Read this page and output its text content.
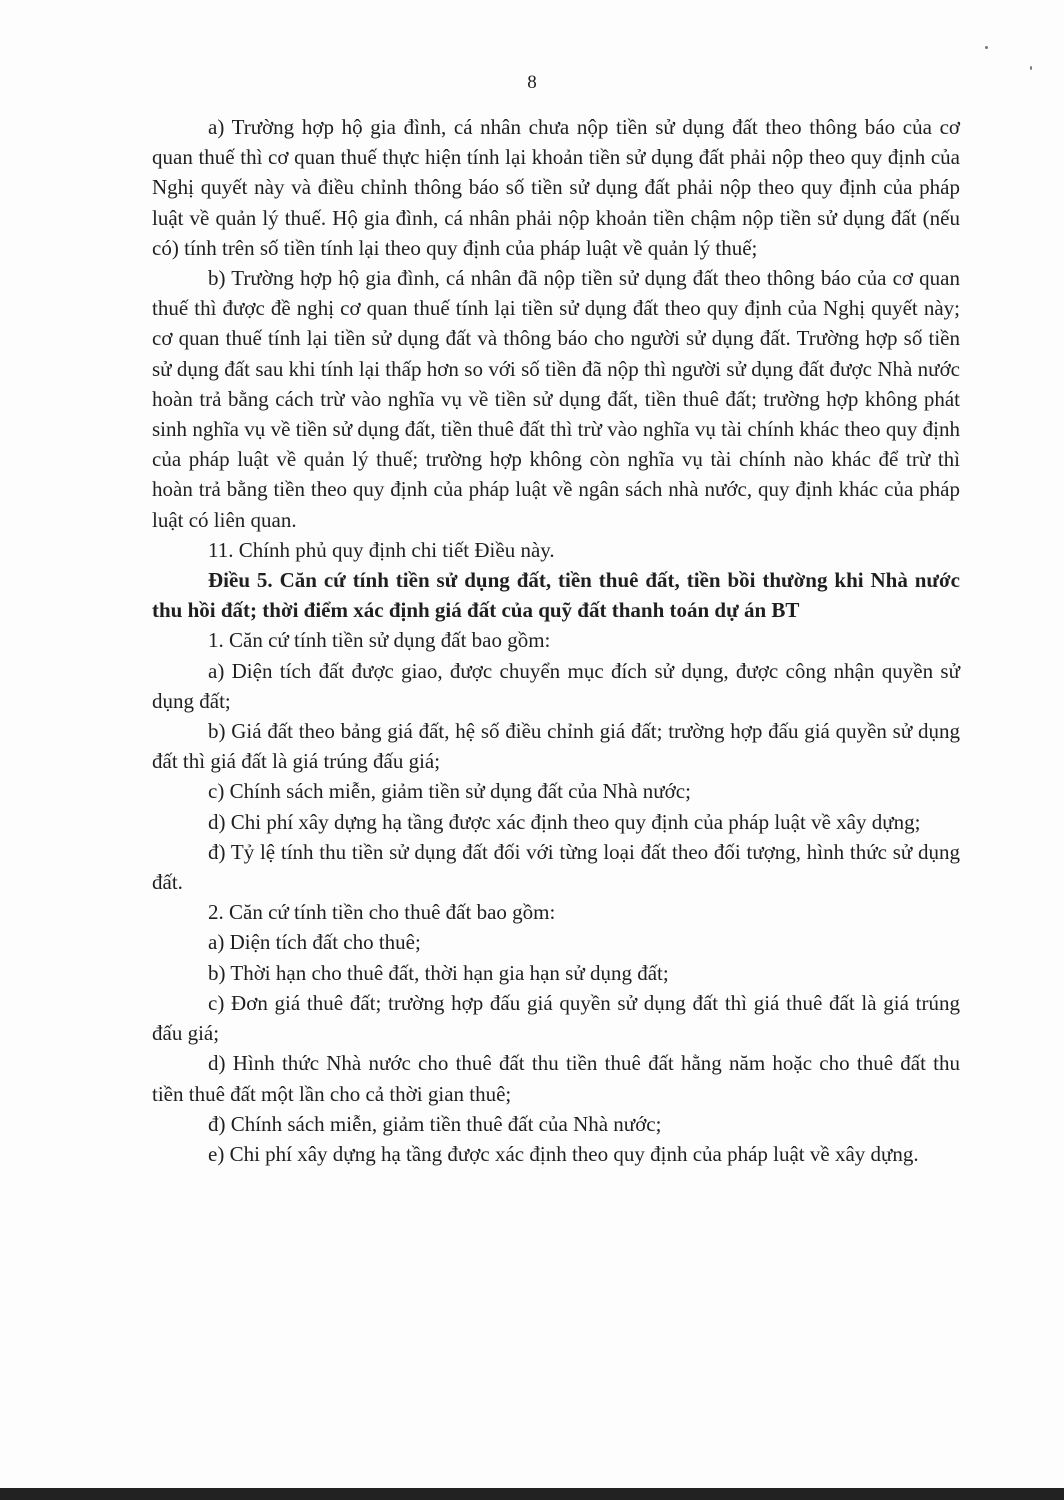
8

a) Trường hợp hộ gia đình, cá nhân chưa nộp tiền sử dụng đất theo thông báo của cơ quan thuế thì cơ quan thuế thực hiện tính lại khoản tiền sử dụng đất phải nộp theo quy định của Nghị quyết này và điều chỉnh thông báo số tiền sử dụng đất phải nộp theo quy định của pháp luật về quản lý thuế. Hộ gia đình, cá nhân phải nộp khoản tiền chậm nộp tiền sử dụng đất (nếu có) tính trên số tiền tính lại theo quy định của pháp luật về quản lý thuế;

b) Trường hợp hộ gia đình, cá nhân đã nộp tiền sử dụng đất theo thông báo của cơ quan thuế thì được đề nghị cơ quan thuế tính lại tiền sử dụng đất theo quy định của Nghị quyết này; cơ quan thuế tính lại tiền sử dụng đất và thông báo cho người sử dụng đất. Trường hợp số tiền sử dụng đất sau khi tính lại thấp hơn so với số tiền đã nộp thì người sử dụng đất được Nhà nước hoàn trả bằng cách trừ vào nghĩa vụ về tiền sử dụng đất, tiền thuê đất; trường hợp không phát sinh nghĩa vụ về tiền sử dụng đất, tiền thuê đất thì trừ vào nghĩa vụ tài chính khác theo quy định của pháp luật về quản lý thuế; trường hợp không còn nghĩa vụ tài chính nào khác để trừ thì hoàn trả bằng tiền theo quy định của pháp luật về ngân sách nhà nước, quy định khác của pháp luật có liên quan.

11. Chính phủ quy định chi tiết Điều này.

Điều 5. Căn cứ tính tiền sử dụng đất, tiền thuê đất, tiền bồi thường khi Nhà nước thu hồi đất; thời điểm xác định giá đất của quỹ đất thanh toán dự án BT

1. Căn cứ tính tiền sử dụng đất bao gồm:

a) Diện tích đất được giao, được chuyển mục đích sử dụng, được công nhận quyền sử dụng đất;

b) Giá đất theo bảng giá đất, hệ số điều chỉnh giá đất; trường hợp đấu giá quyền sử dụng đất thì giá đất là giá trúng đấu giá;

c) Chính sách miễn, giảm tiền sử dụng đất của Nhà nước;

d) Chi phí xây dựng hạ tầng được xác định theo quy định của pháp luật về xây dựng;

đ) Tỷ lệ tính thu tiền sử dụng đất đối với từng loại đất theo đối tượng, hình thức sử dụng đất.

2. Căn cứ tính tiền cho thuê đất bao gồm:

a) Diện tích đất cho thuê;

b) Thời hạn cho thuê đất, thời hạn gia hạn sử dụng đất;

c) Đơn giá thuê đất; trường hợp đấu giá quyền sử dụng đất thì giá thuê đất là giá trúng đấu giá;

d) Hình thức Nhà nước cho thuê đất thu tiền thuê đất hằng năm hoặc cho thuê đất thu tiền thuê đất một lần cho cả thời gian thuê;

đ) Chính sách miễn, giảm tiền thuê đất của Nhà nước;

e) Chi phí xây dựng hạ tầng được xác định theo quy định của pháp luật về xây dựng.
